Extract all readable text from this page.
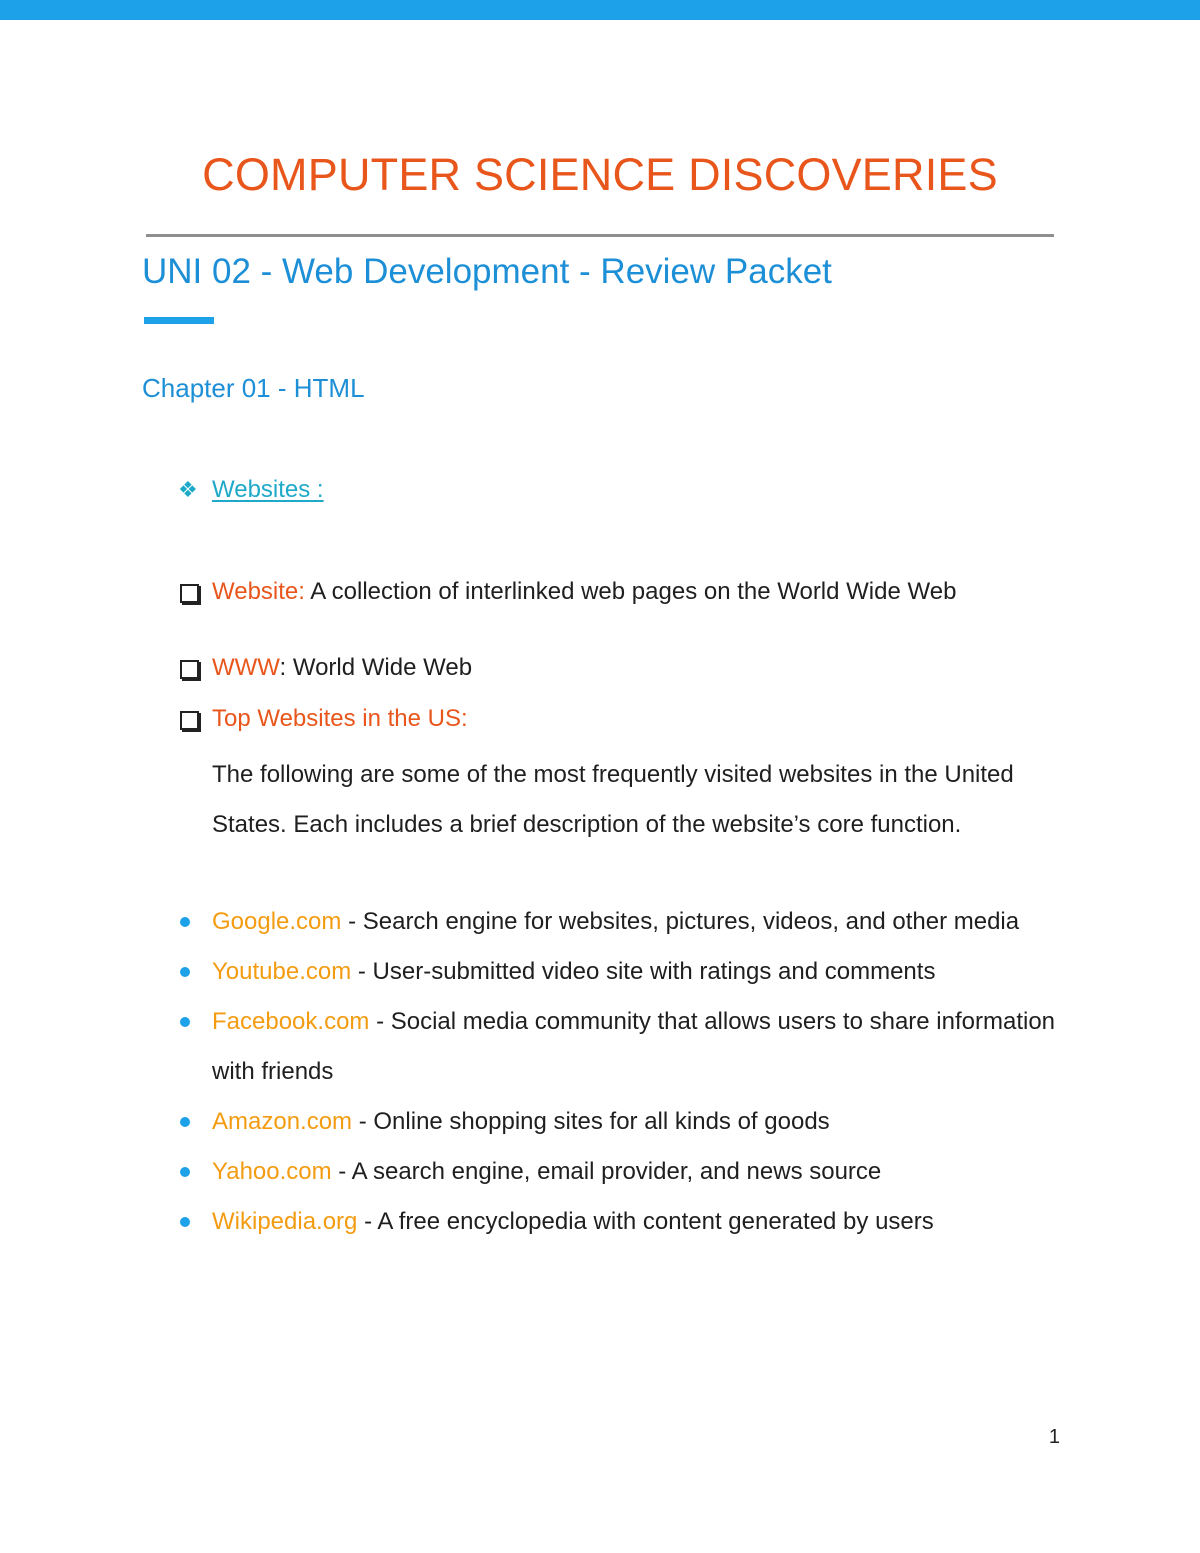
COMPUTER SCIENCE DISCOVERIES
UNI 02 - Web Development - Review Packet
Chapter 01 - HTML
❖ Websites :
Website: A collection of interlinked web pages on the World Wide Web
WWW: World Wide Web
Top Websites in the US:
The following are some of the most frequently visited websites in the United States. Each includes a brief description of the website’s core function.
Google.com - Search engine for websites, pictures, videos, and other media
Youtube.com - User-submitted video site with ratings and comments
Facebook.com - Social media community that allows users to share information with friends
Amazon.com - Online shopping sites for all kinds of goods
Yahoo.com - A search engine, email provider, and news source
Wikipedia.org - A free encyclopedia with content generated by users
1
